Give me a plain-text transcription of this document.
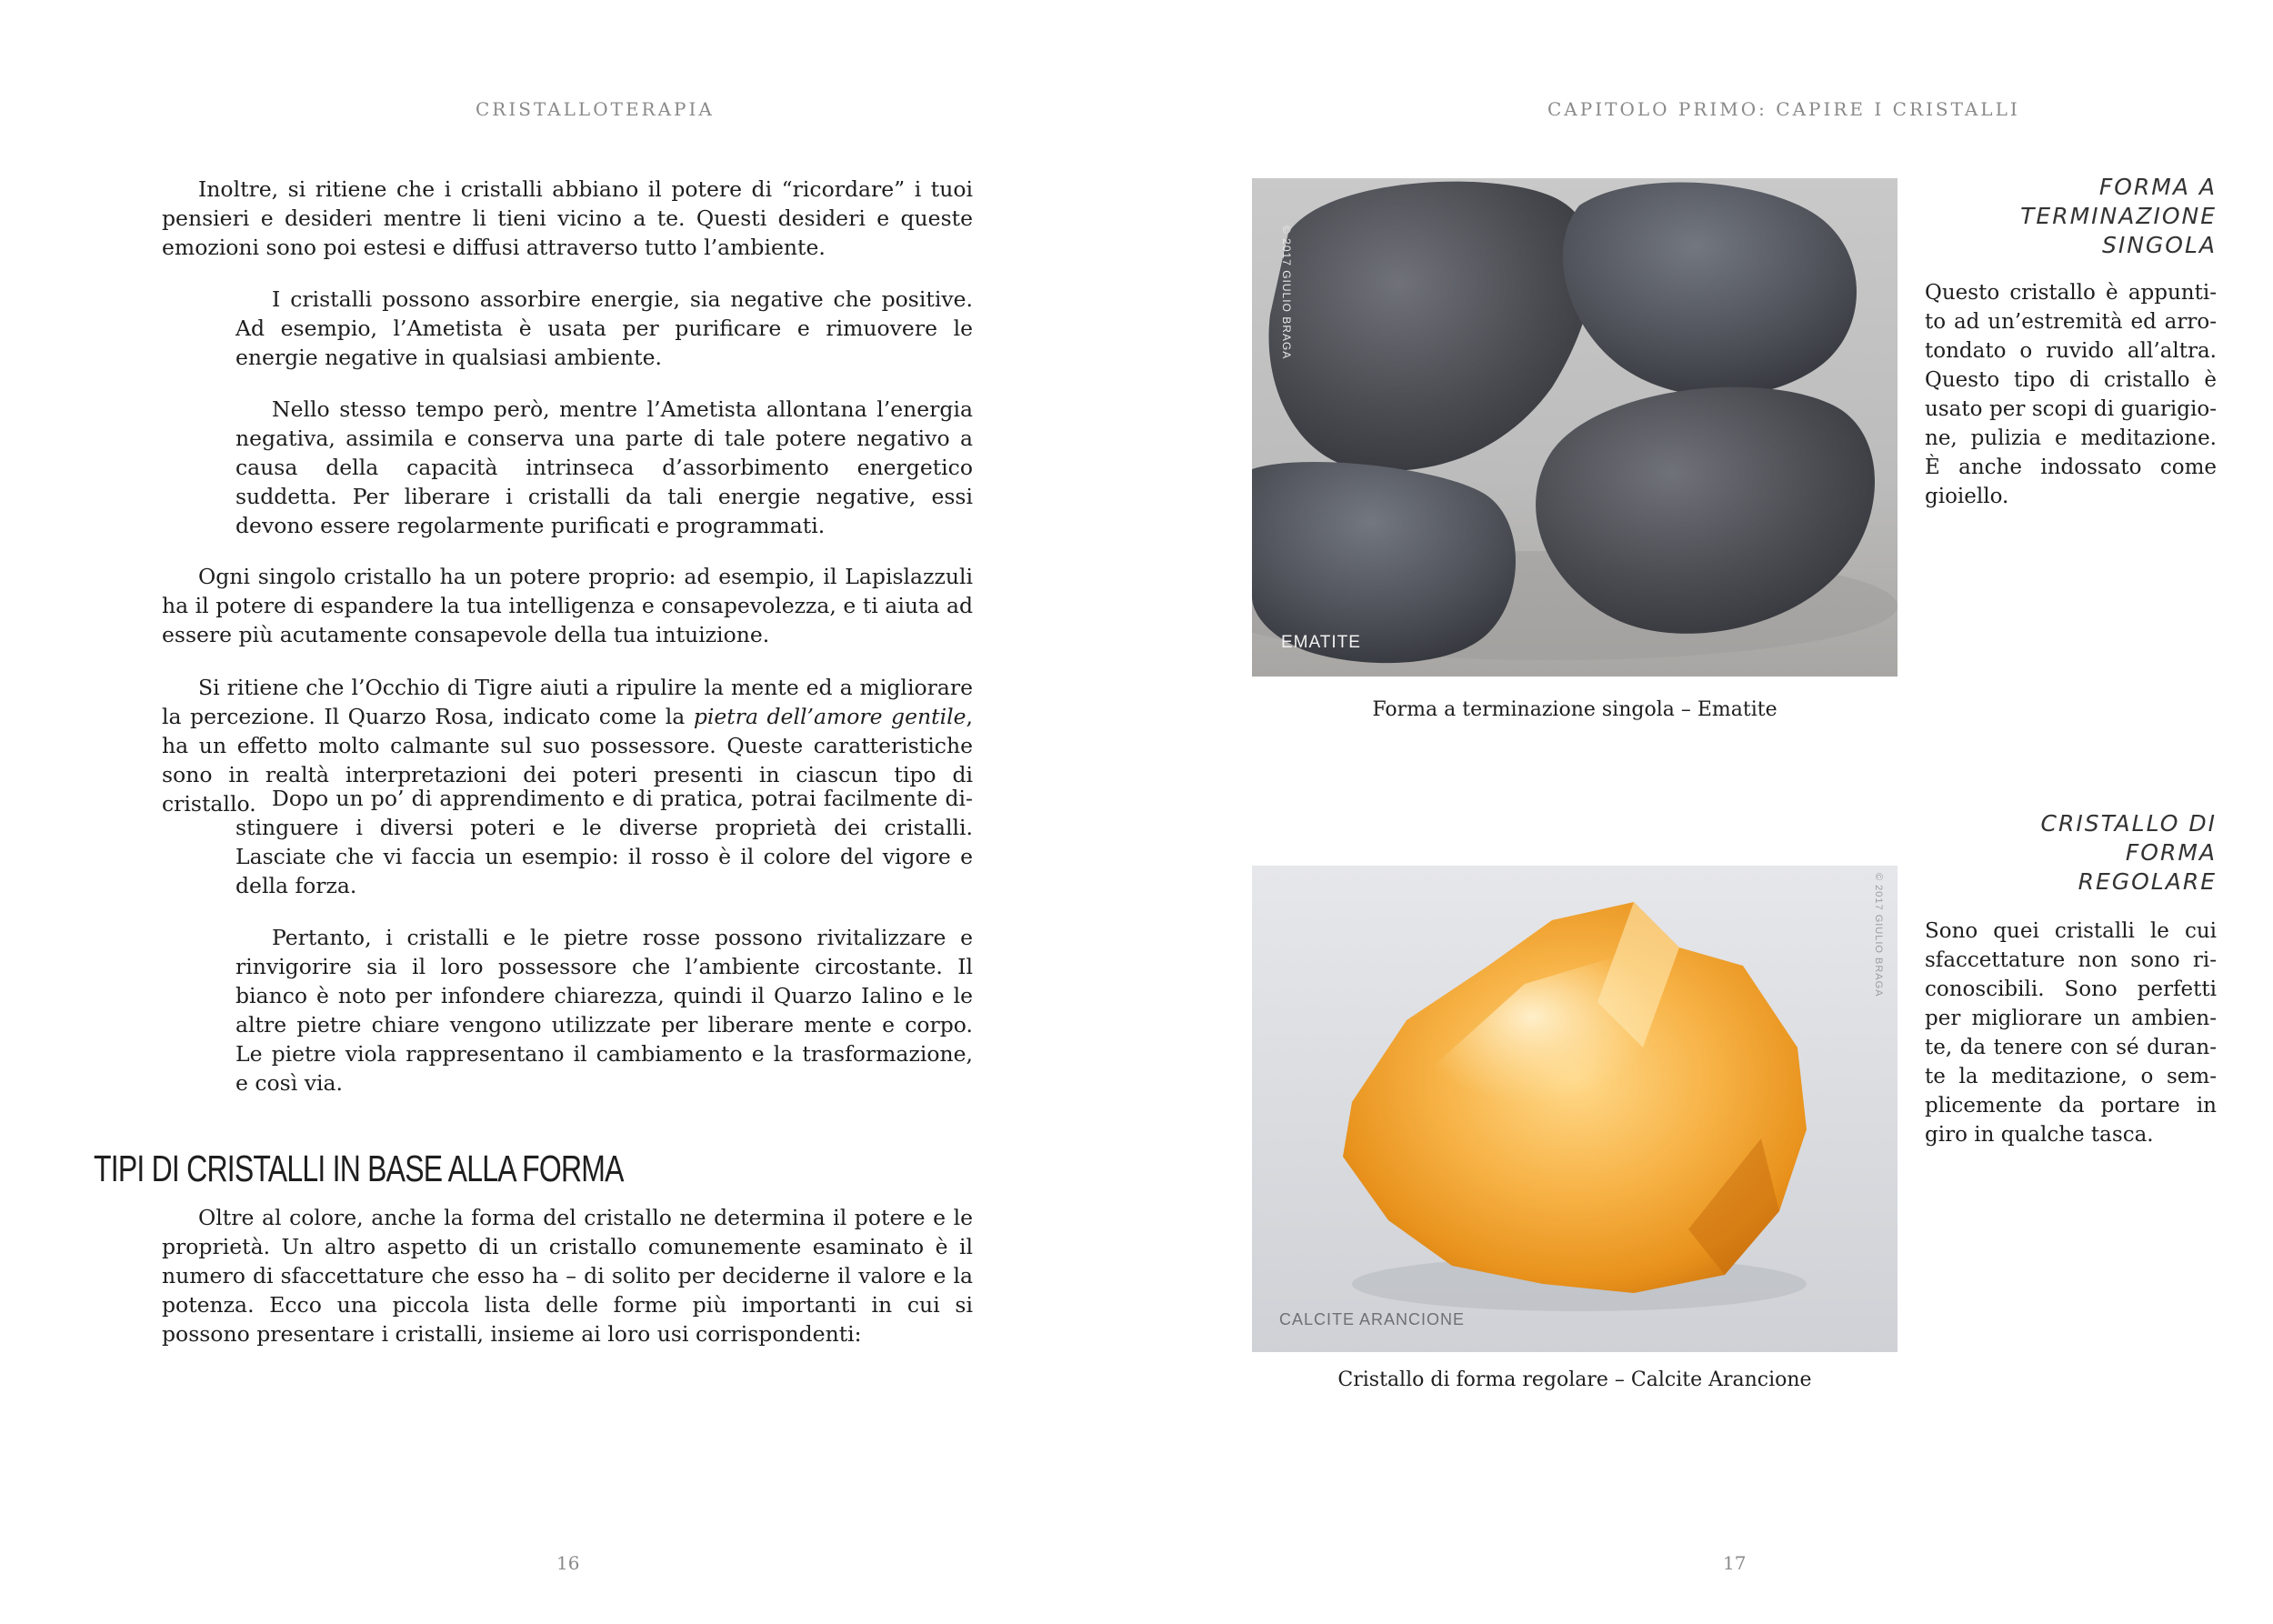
CRISTALLOTERAPIA

Inoltre, si ritiene che i cristalli abbiano il potere di “ricordare” i tuoi pensieri e desideri mentre li tieni vicino a te. Questi desideri e queste emozioni sono poi estesi e diffusi attraverso tutto l’ambiente.

I cristalli possono assorbire energie, sia negative che positive. Ad esempio, l’Ametista è usata per purificare e rimuovere le energie negative in qualsiasi ambiente.

Nello stesso tempo però, mentre l’Ametista allontana l’energia negativa, assimila e conserva una parte di tale potere negativo a causa della capacità intrinseca d’assorbimento energetico suddetta. Per liberare i cristalli da tali energie negative, essi devono essere regolarmente purificati e programmati.

Ogni singolo cristallo ha un potere proprio: ad esempio, il Lapislazzuli ha il potere di espandere la tua intelligenza e consapevolezza, e ti aiuta ad essere più acutamente consapevole della tua intuizione.

Si ritiene che l’Occhio di Tigre aiuti a ripulire la mente ed a migliorare la percezione. Il Quarzo Rosa, indicato come la pietra dell’amore gentile, ha un effetto molto calmante sul suo possessore. Queste caratteristiche sono in realtà interpretazioni dei poteri presenti in ciascun tipo di cristallo. Dopo un po’ di apprendimento e di pratica, potrai facilmente distinguere i diversi poteri e le diverse proprietà dei cristalli. Lasciate che vi faccia un esempio: il rosso è il colore del vigore e della forza.

Pertanto, i cristalli e le pietre rosse possono rivitalizzare e rinvigorire sia il loro possessore che l’ambiente circostante. Il bianco è noto per infondere chiarezza, quindi il Quarzo Ialino e le altre pietre chiare vengono utilizzate per liberare mente e corpo. Le pietre viola rappresentano il cambiamento e la trasformazione, e così via.

TIPI DI CRISTALLI IN BASE ALLA FORMA

Oltre al colore, anche la forma del cristallo ne determina il potere e le proprietà. Un altro aspetto di un cristallo comunemente esaminato è il numero di sfaccettature che esso ha – di solito per deciderne il valore e la potenza. Ecco una piccola lista delle forme più importanti in cui si possono presentare i cristalli, insieme ai loro usi corrispondenti:

16
CAPITOLO PRIMO: CAPIRE I CRISTALLI
© 2017 GIULIO BRAGA
EMATITE

Forma a terminazione singola – Ematite

FORMA A
TERMINAZIONE
SINGOLA

Questo cristallo è appuntito ad un’estremità ed arrotondato o ruvido all’altra. Questo tipo di cristallo è usato per scopi di guarigione, pulizia e meditazione. È anche indossato come gioiello.

© 2017 GIULIO BRAGA
CALCITE ARANCIONE

Cristallo di forma regolare – Calcite Arancione

CRISTALLO DI
FORMA
REGOLARE

Sono quei cristalli le cui sfaccettature non sono riconoscibili. Sono perfetti per migliorare un ambiente, da tenere con sé durante la meditazione, o semplicemente da portare in giro in qualche tasca.

17
